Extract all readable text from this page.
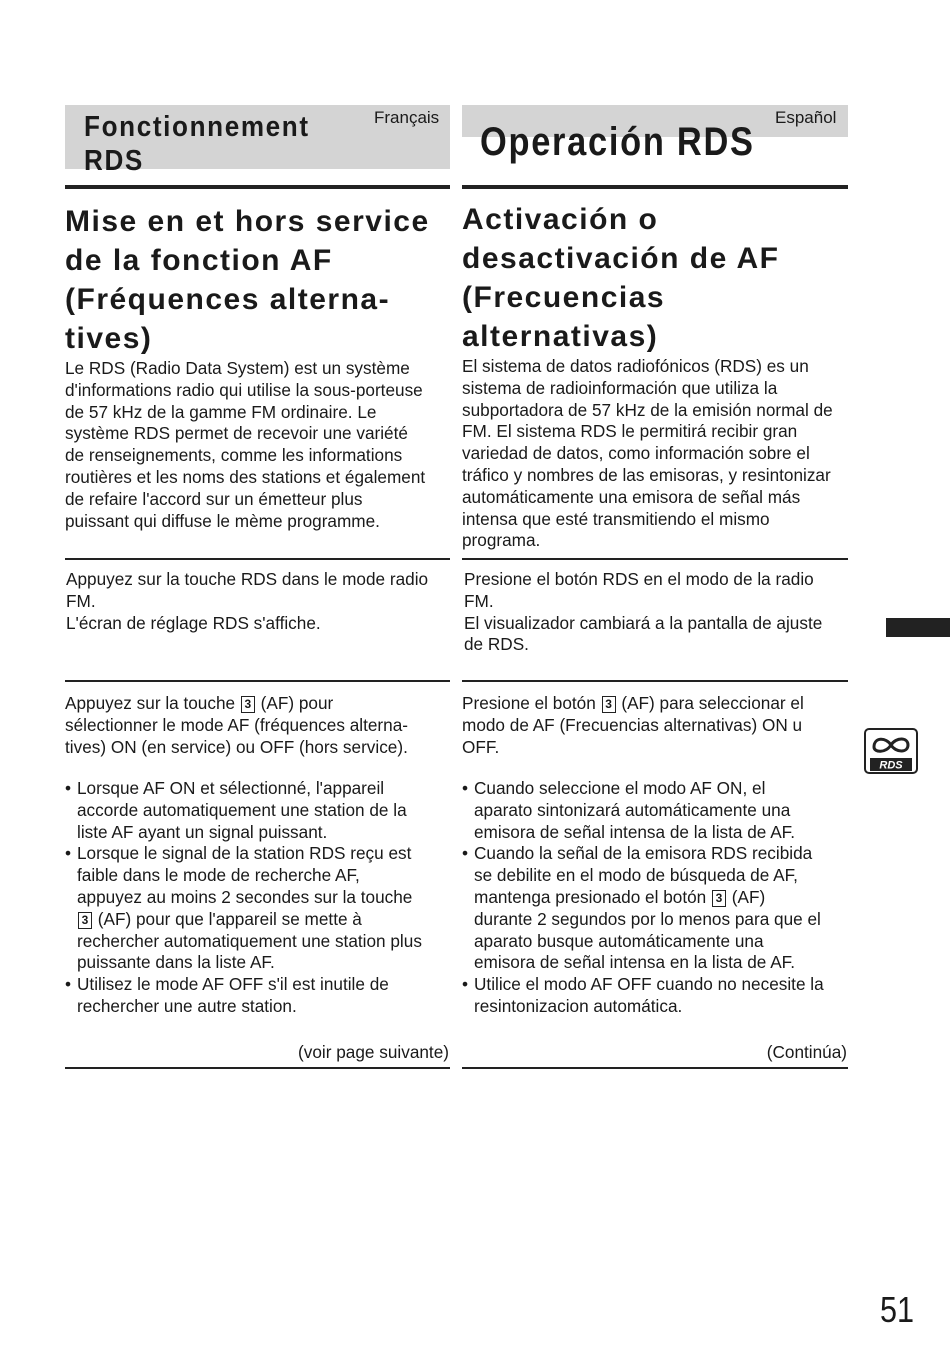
Fonctionnement
RDS
Français
Operación RDS
Español
Mise en et hors service
de la fonction AF
(Fréquences alterna-
tives)
Activación o
desactivación de AF
(Frecuencias
alternativas)
Le RDS (Radio Data System) est un système
d'informations radio qui utilise la sous-porteuse
de 57 kHz de la gamme FM ordinaire. Le
système RDS permet de recevoir une variété
de renseignements, comme les informations
routières et les noms des stations et également
de refaire l'accord sur un émetteur plus
puissant qui diffuse le mème programme.
El sistema de datos radiofónicos (RDS) es un
sistema de radioinformación que utiliza la
subportadora de 57 kHz de la emisión normal de
FM. El sistema RDS le permitirá recibir gran
variedad de datos, como información sobre el
tráfico y nombres de las emisoras, y resintonizar
automáticamente una emisora de señal más
intensa que esté transmitiendo el mismo
programa.
Appuyez sur la touche RDS dans le mode radio
FM.
L'écran de réglage RDS s'affiche.
Presione el botón RDS en el modo de la radio
FM.
El visualizador cambiará a la pantalla de ajuste
de RDS.
Appuyez sur la touche 3 (AF) pour
sélectionner le mode AF (fréquences alterna-
tives) ON (en service) ou OFF (hors service).
Presione el botón 3 (AF) para seleccionar el
modo de AF (Frecuencias alternativas) ON u
OFF.
RDS
• Lorsque AF ON et sélectionné, l'appareil
accorde automatiquement une station de la
liste AF ayant un signal puissant.
• Lorsque le signal de la station RDS reçu est
faible dans le mode de recherche AF,
appuyez au moins 2 secondes sur la touche
3 (AF) pour que l'appareil se mette à
rechercher automatiquement une station plus
puissante dans la liste AF.
• Utilisez le mode AF OFF s'il est inutile de
rechercher une autre station.
• Cuando seleccione el modo AF ON, el
aparato sintonizará automáticamente una
emisora de señal intensa de la lista de AF.
• Cuando la señal de la emisora RDS recibida
se debilite en el modo de búsqueda de AF,
mantenga presionado el botón 3 (AF)
durante 2 segundos por lo menos para que el
aparato busque automáticamente una
emisora de señal intensa en la lista de AF.
• Utilice el modo AF OFF cuando no necesite la
resintonizacion automática.
(voir page suivante)	(Continúa)
51
